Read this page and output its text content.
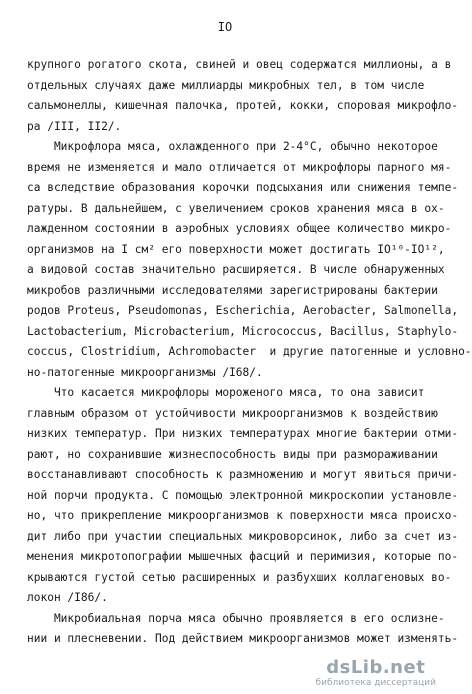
IO
крупного рогатого скота, свиней и овец содержатся миллионы, а в
отдельных случаях даже миллиарды микробных тел, в том числе
сальмонеллы, кишечная палочка, протей, кокки, споровая микрофло-
ра /III, II2/.
Микрофлора мяса, охлажденного при 2-4°С, обычно некоторое
время не изменяется и мало отличается от микрофлоры парного мя-
са вследствие образования корочки подсыхания или снижения темпе-
ратуры. В дальнейшем, с увеличением сроков хранения мяса в ох-
лажденном состоянии в аэробных условиях общее количество микро-
организмов на I см² его поверхности может достигать IO¹⁰-IO¹²,
а видовой состав значительно расширяется. В числе обнаруженных
микробов различными исследователями зарегистрированы бактерии
родов Proteus, Pseudomonas, Escherichia, Aerobacter, Salmonella,
Lactobacterium, Microbacterium, Micrococcus, Bacillus, Staphylo-
coccus, Clostridium, Achromobacter  и другие патогенные и условно-
но-патогенные микроорганизмы /I68/.
Что касается микрофлоры мороженого мяса, то она зависит
главным образом от устойчивости микроорганизмов к воздействию
низких температур. При низких температурах многие бактерии отми-
рают, но сохранившие жизнеспособность виды при размораживании
восстанавливают способность к размножению и могут явиться причи-
ной порчи продукта. С помощью электронной микроскопии установле-
но, что прикрепление микроорганизмов к поверхности мяса происхо-
дит либо при участии специальных микроворсинок, либо за счет из-
менения микротопографии мышечных фасций и перимизия, которые по-
крываются густой сетью расширенных и разбухших коллагеновых во-
локон /I86/.
Микробиальная порча мяса обычно проявляется в его ослизне-
нии и плесневении. Под действием микроорганизмов может изменять-
dsLib.net
библиотека диссертаций
